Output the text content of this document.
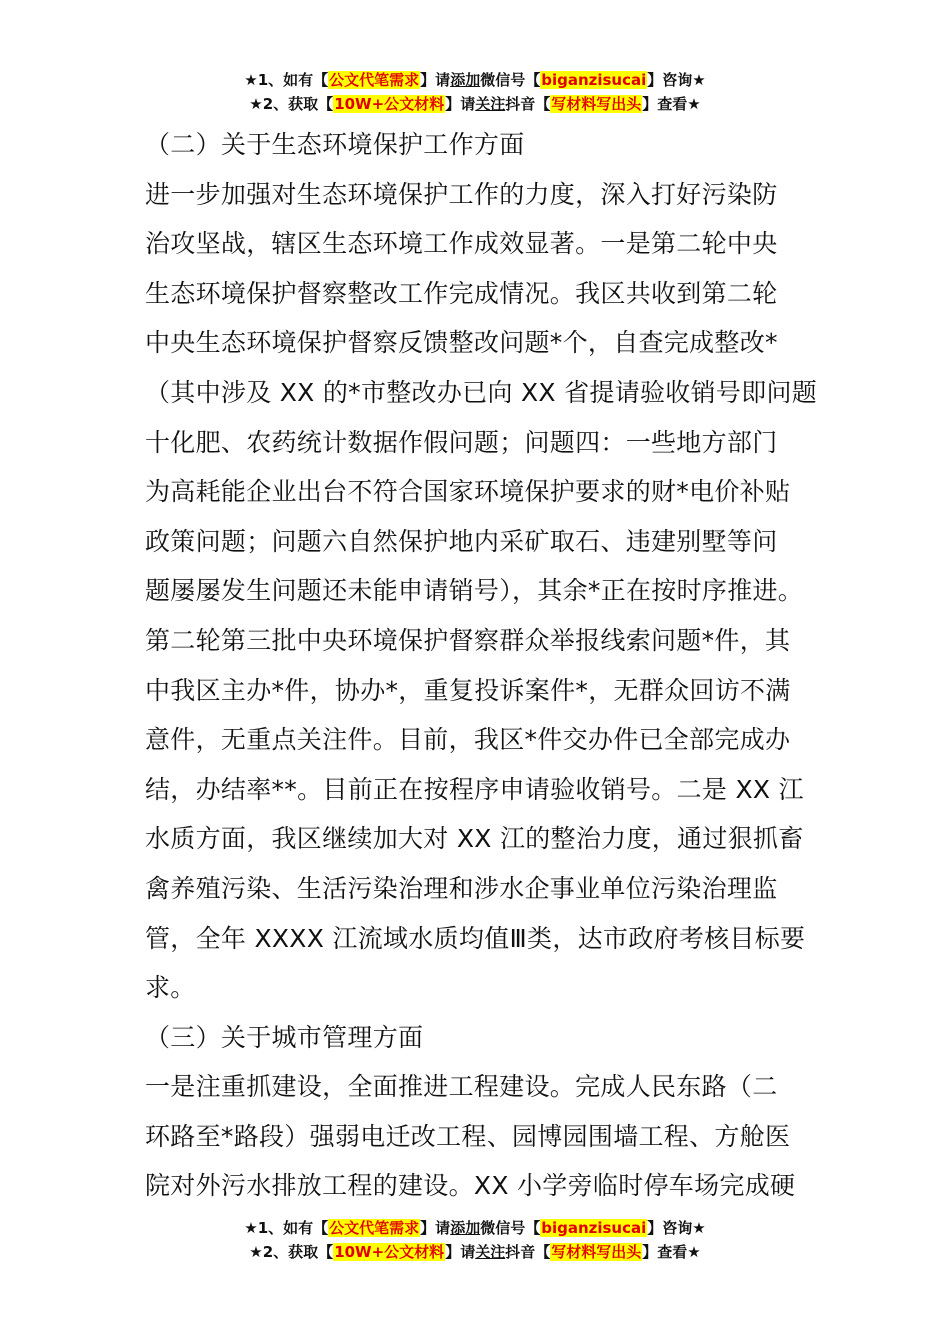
★1、如有【公文代笔需求】请添加微信号【biganzisucai】咨询★
★2、获取【10W+公文材料】请关注抖音【写材料写出头】查看★

（二）关于生态环境保护工作方面

进一步加强对生态环境保护工作的力度，深入打好污染防

治攻坚战，辖区生态环境工作成效显著。一是第二轮中央

生态环境保护督察整改工作完成情况。我区共收到第二轮

中央生态环境保护督察反馈整改问题*个，自查完成整改*

（其中涉及 XX 的*市整改办已向 XX 省提请验收销号即问题

十化肥、农药统计数据作假问题；问题四：一些地方部门

为高耗能企业出台不符合国家环境保护要求的财*电价补贴

政策问题；问题六自然保护地内采矿取石、违建别墅等问

题屡屡发生问题还未能申请销号），其余*正在按时序推进。

第二轮第三批中央环境保护督察群众举报线索问题*件，其

中我区主办*件，协办*，重复投诉案件*，无群众回访不满

意件，无重点关注件。目前，我区*件交办件已全部完成办

结，办结率**。目前正在按程序申请验收销号。二是 XX 江

水质方面，我区继续加大对 XX 江的整治力度，通过狠抓畜

禽养殖污染、生活污染治理和涉水企事业单位污染治理监

管，全年 XXXX 江流域水质均值Ⅲ类，达市政府考核目标要

求。

（三）关于城市管理方面

一是注重抓建设，全面推进工程建设。完成人民东路（二

环路至*路段）强弱电迁改工程、园博园围墙工程、方舱医

院对外污水排放工程的建设。XX 小学旁临时停车场完成硬

★1、如有【公文代笔需求】请添加微信号【biganzisucai】咨询★
★2、获取【10W+公文材料】请关注抖音【写材料写出头】查看★
